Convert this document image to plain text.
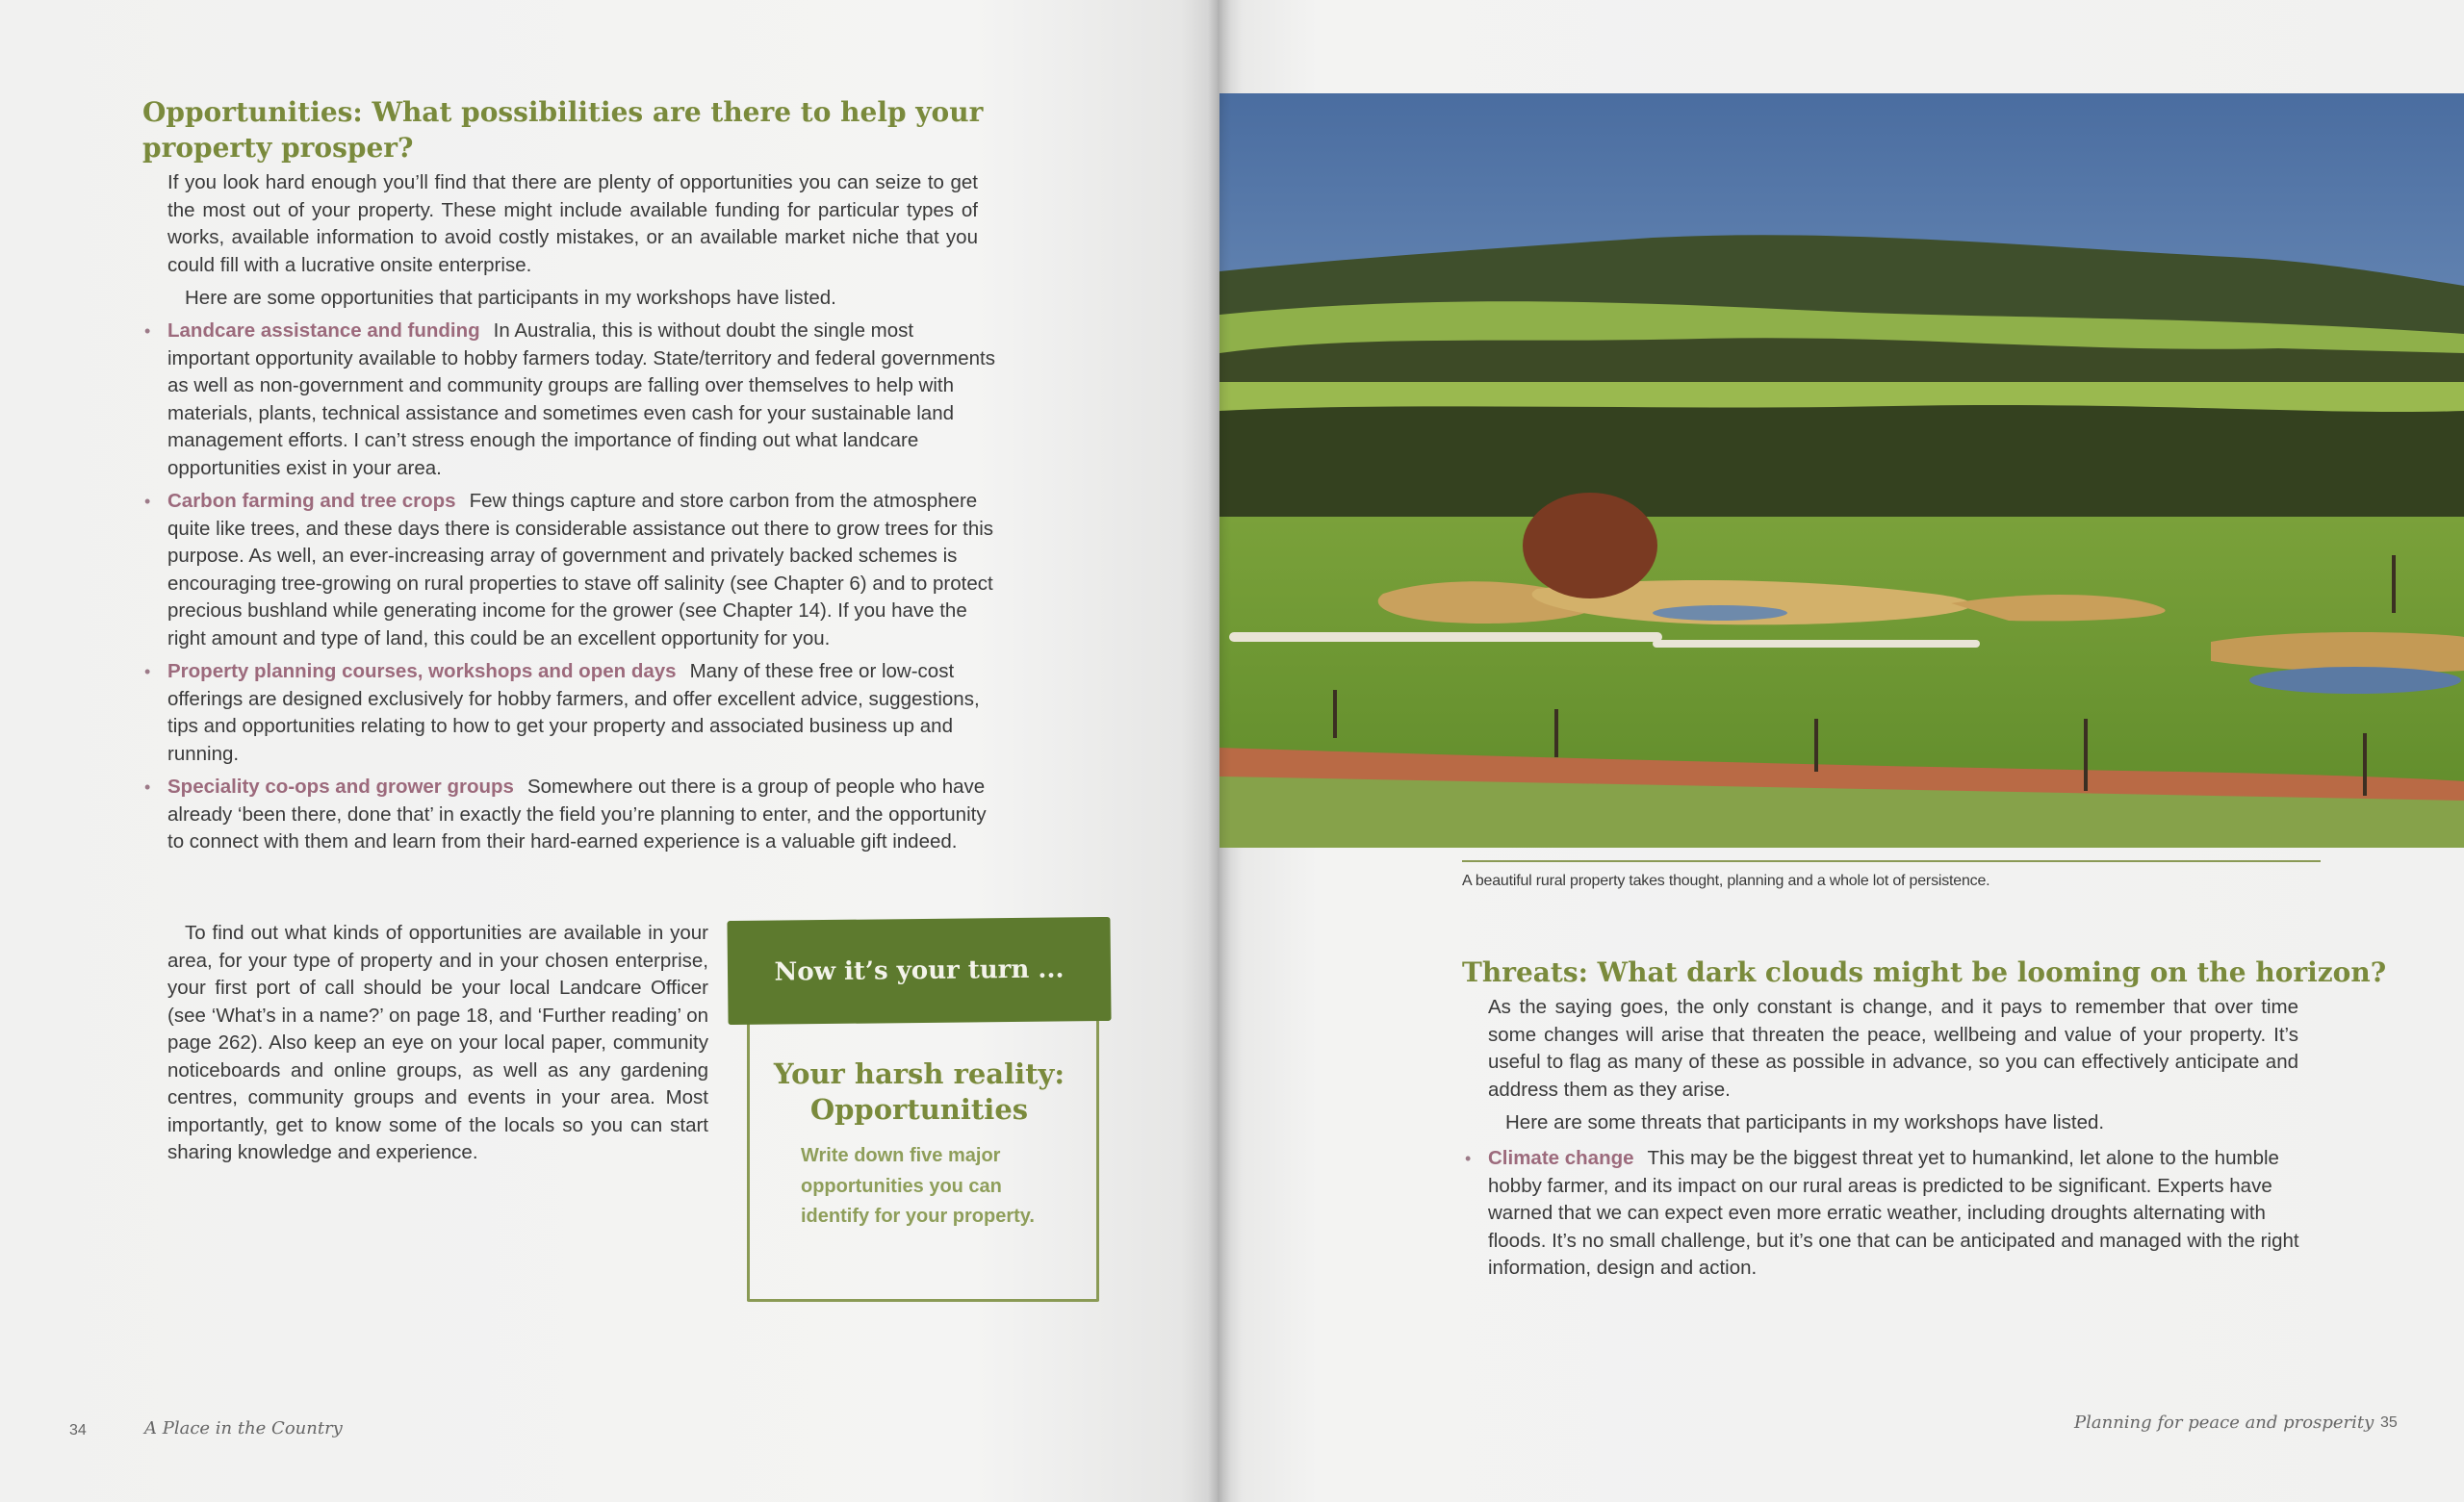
Opportunities: What possibilities are there to help your property prosper?

If you look hard enough you’ll find that there are plenty of opportunities you can seize to get the most out of your property. These might include available funding for particular types of works, available information to avoid costly mistakes, or an available market niche that you could fill with a lucrative onsite enterprise.

Here are some opportunities that participants in my workshops have listed.

• Landcare assistance and funding In Australia, this is without doubt the single most important opportunity available to hobby farmers today. State/territory and federal governments as well as non-government and community groups are falling over themselves to help with materials, plants, technical assistance and sometimes even cash for your sustainable land management efforts. I can’t stress enough the importance of finding out what landcare opportunities exist in your area.
• Carbon farming and tree crops Few things capture and store carbon from the atmosphere quite like trees, and these days there is considerable assistance out there to grow trees for this purpose. As well, an ever-increasing array of government and privately backed schemes is encouraging tree-growing on rural properties to stave off salinity (see Chapter 6) and to protect precious bushland while generating income for the grower (see Chapter 14). If you have the right amount and type of land, this could be an excellent opportunity for you.
• Property planning courses, workshops and open days Many of these free or low-cost offerings are designed exclusively for hobby farmers, and offer excellent advice, suggestions, tips and opportunities relating to how to get your property and associated business up and running.
• Speciality co-ops and grower groups Somewhere out there is a group of people who have already ‘been there, done that’ in exactly the field you’re planning to enter, and the opportunity to connect with them and learn from their hard-earned experience is a valuable gift indeed.

To find out what kinds of opportunities are available in your area, for your type of property and in your chosen enterprise, your first port of call should be your local Landcare Officer (see ‘What’s in a name?’ on page 18, and ‘Further reading’ on page 262). Also keep an eye on your local paper, community noticeboards and online groups, as well as any gardening centres, community groups and events in your area. Most importantly, get to know some of the locals so you can start sharing knowledge and experience.

Now it’s your turn ...
Your harsh reality: Opportunities
Write down five major opportunities you can identify for your property.
34	A Place in the Country
A beautiful rural property takes thought, planning and a whole lot of persistence.
Threats: What dark clouds might be looming on the horizon?

As the saying goes, the only constant is change, and it pays to remember that over time some changes will arise that threaten the peace, wellbeing and value of your property. It’s useful to flag as many of these as possible in advance, so you can effectively anticipate and address them as they arise.

Here are some threats that participants in my workshops have listed.

• Climate change This may be the biggest threat yet to humankind, let alone to the humble hobby farmer, and its impact on our rural areas is predicted to be significant. Experts have warned that we can expect even more erratic weather, including droughts alternating with floods. It’s no small challenge, but it’s one that can be anticipated and managed with the right information, design and action.
Planning for peace and prosperity 35
